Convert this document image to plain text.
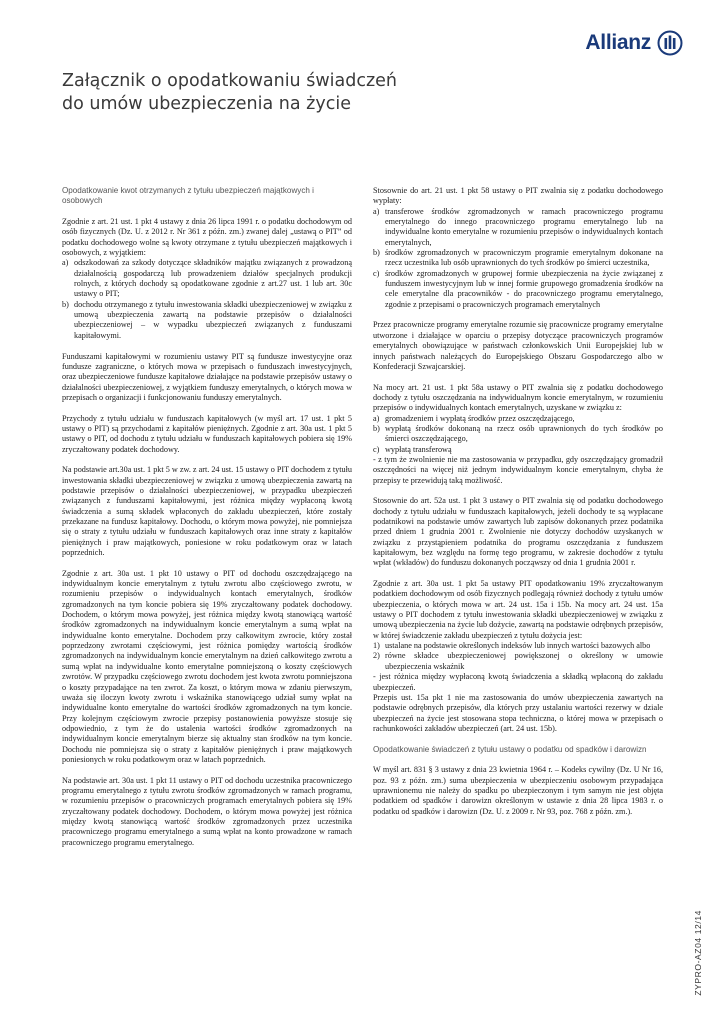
Allianz
Załącznik o opodatkowaniu świadczeń
do umów ubezpieczenia na życie

Opodatkowanie kwot otrzymanych z tytułu ubezpieczeń majątkowych i osobowych

Zgodnie z art. 21 ust. 1 pkt 4 ustawy z dnia 26 lipca 1991 r. o podatku dochodowym od osób fizycznych (Dz. U. z 2012 r. Nr 361 z późn. zm.) zwanej dalej „ustawą o PIT” od podatku dochodowego wolne są kwoty otrzymane z tytułu ubezpieczeń majątkowych i osobowych, z wyjątkiem:

a) odszkodowań za szkody dotyczące składników majątku związanych z prowadzoną działalnością gospodarczą lub prowadzeniem działów specjalnych produkcji rolnych, z których dochody są opodatkowane zgodnie z art.27 ust. 1 lub art. 30c ustawy o PIT;
b) dochodu otrzymanego z tytułu inwestowania składki ubezpieczeniowej w związku z umową ubezpieczenia zawartą na podstawie przepisów o działalności ubezpieczeniowej – w wypadku ubezpieczeń związanych z funduszami kapitałowymi.

Funduszami kapitałowymi w rozumieniu ustawy PIT są fundusze inwestycyjne oraz fundusze zagraniczne, o których mowa w przepisach o funduszach inwestycyjnych, oraz ubezpieczeniowe fundusze kapitałowe działające na podstawie przepisów ustawy o działalności ubezpieczeniowej, z wyjątkiem funduszy emerytalnych, o których mowa w przepisach o organizacji i funkcjonowaniu funduszy emerytalnych.

Przychody z tytułu udziału w funduszach kapitałowych (w myśl art. 17 ust. 1 pkt 5 ustawy o PIT) są przychodami z kapitałów pieniężnych. Zgodnie z art. 30a ust. 1 pkt 5 ustawy o PIT, od dochodu z tytułu udziału w funduszach kapitałowych pobiera się 19% zryczałtowany podatek dochodowy.

Na podstawie art.30a ust. 1 pkt 5 w zw. z art. 24 ust. 15 ustawy o PIT dochodem z tytułu inwestowania składki ubezpieczeniowej w związku z umową ubezpieczenia zawartą na podstawie przepisów o działalności ubezpieczeniowej, w przypadku ubezpieczeń związanych z funduszami kapitałowymi, jest różnica między wypłaconą kwotą świadczenia a sumą składek wpłaconych do zakładu ubezpieczeń, które zostały przekazane na fundusz kapitałowy. Dochodu, o którym mowa powyżej, nie pomniejsza się o straty z tytułu udziału w funduszach kapitałowych oraz inne straty z kapitałów pieniężnych i praw majątkowych, poniesione w roku podatkowym oraz w latach poprzednich.

Zgodnie z art. 30a ust. 1 pkt 10 ustawy o PIT od dochodu oszczędzającego na indywidualnym koncie emerytalnym z tytułu zwrotu albo częściowego zwrotu, w rozumieniu przepisów o indywidualnych kontach emerytalnych, środków zgromadzonych na tym koncie pobiera się 19% zryczałtowany podatek dochodowy. Dochodem, o którym mowa powyżej, jest różnica między kwotą stanowiącą wartość środków zgromadzonych na indywidualnym koncie emerytalnym a sumą wpłat na indywidualne konto emerytalne. Dochodem przy całkowitym zwrocie, który został poprzedzony zwrotami częściowymi, jest różnica pomiędzy wartością środków zgromadzonych na indywidualnym koncie emerytalnym na dzień całkowitego zwrotu a sumą wpłat na indywidualne konto emerytalne pomniejszoną o koszty częściowych zwrotów. W przypadku częściowego zwrotu dochodem jest kwota zwrotu pomniejszona o koszty przypadające na ten zwrot. Za koszt, o którym mowa w zdaniu pierwszym, uważa się iloczyn kwoty zwrotu i wskaźnika stanowiącego udział sumy wpłat na indywidualne konto emerytalne do wartości środków zgromadzonych na tym koncie. Przy kolejnym częściowym zwrocie przepisy postanowienia powyższe stosuje się odpowiednio, z tym że do ustalenia wartości środków zgromadzonych na indywidualnym koncie emerytalnym bierze się aktualny stan środków na tym koncie. Dochodu nie pomniejsza się o straty z kapitałów pieniężnych i praw majątkowych poniesionych w roku podatkowym oraz w latach poprzednich.

Na podstawie art. 30a ust. 1 pkt 11 ustawy o PIT od dochodu uczestnika pracowniczego programu emerytalnego z tytułu zwrotu środków zgromadzonych w ramach programu, w rozumieniu przepisów o pracowniczych programach emerytalnych pobiera się 19% zryczałtowany podatek dochodowy. Dochodem, o którym mowa powyżej jest różnica między kwotą stanowiącą wartość środków zgromadzonych przez uczestnika pracowniczego programu emerytalnego a sumą wpłat na konto prowadzone w ramach pracowniczego programu emerytalnego.

Stosownie do art. 21 ust. 1 pkt 58 ustawy o PIT zwalnia się z podatku dochodowego wypłaty:

a) transferowe środków zgromadzonych w ramach pracowniczego programu emerytalnego do innego pracowniczego programu emerytalnego lub na indywidualne konto emerytalne w rozumieniu przepisów o indywidualnych kontach emerytalnych,
b) środków zgromadzonych w pracowniczym programie emerytalnym dokonane na rzecz uczestnika lub osób uprawnionych do tych środków po śmierci uczestnika,
c) środków zgromadzonych w grupowej formie ubezpieczenia na życie związanej z funduszem inwestycyjnym lub w innej formie grupowego gromadzenia środków na cele emerytalne dla pracowników - do pracowniczego programu emerytalnego, zgodnie z przepisami o pracowniczych programach emerytalnych

Przez pracownicze programy emerytalne rozumie się pracownicze programy emerytalne utworzone i działające w oparciu o przepisy dotyczące pracowniczych programów emerytalnych obowiązujące w państwach członkowskich Unii Europejskiej lub w innych państwach należących do Europejskiego Obszaru Gospodarczego albo w Konfederacji Szwajcarskiej.

Na mocy art. 21 ust. 1 pkt 58a ustawy o PIT zwalnia się z podatku dochodowego dochody z tytułu oszczędzania na indywidualnym koncie emerytalnym, w rozumieniu przepisów o indywidualnych kontach emerytalnych, uzyskane w związku z:

a) gromadzeniem i wypłatą środków przez oszczędzającego,
b) wypłatą środków dokonaną na rzecz osób uprawnionych do tych środków po śmierci oszczędzającego,
c) wypłatą transferową

- z tym że zwolnienie nie ma zastosowania w przypadku, gdy oszczędzający gromadził oszczędności na więcej niż jednym indywidualnym koncie emerytalnym, chyba że przepisy te przewidują taką możliwość.

Stosownie do art. 52a ust. 1 pkt 3 ustawy o PIT zwalnia się od podatku dochodowego dochody z tytułu udziału w funduszach kapitałowych, jeżeli dochody te są wypłacane podatnikowi na podstawie umów zawartych lub zapisów dokonanych przez podatnika przed dniem 1 grudnia 2001 r. Zwolnienie nie dotyczy dochodów uzyskanych w związku z przystąpieniem podatnika do programu oszczędzania z funduszem kapitałowym, bez względu na formę tego programu, w zakresie dochodów z tytułu wpłat (wkładów) do funduszu dokonanych począwszy od dnia 1 grudnia 2001 r.

Zgodnie z art. 30a ust. 1 pkt 5a ustawy PIT opodatkowaniu 19% zryczałtowanym podatkiem dochodowym od osób fizycznych podlegają również dochody z tytułu umów ubezpieczenia, o których mowa w art. 24 ust. 15a i 15b. Na mocy art. 24 ust. 15a ustawy o PIT dochodem z tytułu inwestowania składki ubezpieczeniowej w związku z umową ubezpieczenia na życie lub dożycie, zawartą na podstawie odrębnych przepisów, w której świadczenie zakładu ubezpieczeń z tytułu dożycia jest:

1) ustalane na podstawie określonych indeksów lub innych wartości bazowych albo
2) równe składce ubezpieczeniowej powiększonej o określony w umowie ubezpieczenia wskaźnik

- jest różnica między wypłaconą kwotą świadczenia a składką wpłaconą do zakładu ubezpieczeń.

Przepis ust. 15a pkt 1 nie ma zastosowania do umów ubezpieczenia zawartych na podstawie odrębnych przepisów, dla których przy ustalaniu wartości rezerwy w dziale ubezpieczeń na życie jest stosowana stopa techniczna, o której mowa w przepisach o rachunkowości zakładów ubezpieczeń (art. 24 ust. 15b).

Opodatkowanie świadczeń z tytułu ustawy o podatku od spadków i darowizn

W myśl art. 831 § 3 ustawy z dnia 23 kwietnia 1964 r. – Kodeks cywilny (Dz. U Nr 16, poz. 93 z późn. zm.) suma ubezpieczenia w ubezpieczeniu osobowym przypadająca uprawnionemu nie należy do spadku po ubezpieczonym i tym samym nie jest objęta podatkiem od spadków i darowizn określonym w ustawie z dnia 28 lipca 1983 r. o podatku od spadków i darowizn (Dz. U. z 2009 r. Nr 93, poz. 768 z późn. zm.).

ZYPRO-AZ04 12/14
